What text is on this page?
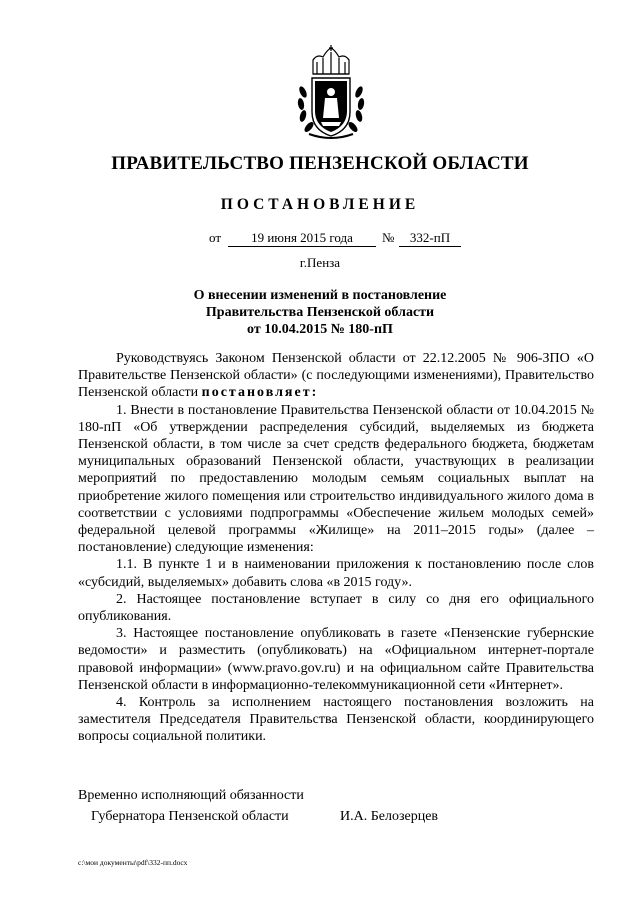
ПРАВИТЕЛЬСТВО ПЕНЗЕНСКОЙ ОБЛАСТИ
ПОСТАНОВЛЕНИЕ
от	19 июня 2015 года	№	332-пП
г.Пенза
О внесении изменений в постановление
Правительства Пензенской области
от 10.04.2015 № 180-пП

Руководствуясь Законом Пензенской области от 22.12.2005 № 906-ЗПО «О Правительстве Пензенской области» (с последующими изменениями), Правительство Пензенской области постановляет:

1. Внести в постановление Правительства Пензенской области от 10.04.2015 № 180-пП «Об утверждении распределения субсидий, выделяемых из бюджета Пензенской области, в том числе за счет средств федерального бюджета, бюджетам муниципальных образований Пензенской области, участвующих в реализации мероприятий по предоставлению молодым семьям социальных выплат на приобретение жилого помещения или строительство индивидуального жилого дома в соответствии с условиями подпрограммы «Обеспечение жильем молодых семей» федеральной целевой программы «Жилище» на 2011–2015 годы» (далее – постановление) следующие изменения:

1.1. В пункте 1 и в наименовании приложения к постановлению после слов «субсидий, выделяемых» добавить слова «в 2015 году».

2. Настоящее постановление вступает в силу со дня его официального опубликования.

3. Настоящее постановление опубликовать в газете «Пензенские губернские ведомости» и разместить (опубликовать) на «Официальном интернет-портале правовой информации» (www.pravo.gov.ru) и на официальном сайте Правительства Пензенской области в информационно-телекоммуникационной сети «Интернет».

4. Контроль за исполнением настоящего постановления возложить на заместителя Председателя Правительства Пензенской области, координирующего вопросы социальной политики.

Временно исполняющий обязанности
Губернатора Пензенской области	И.А. Белозерцев
c:\мои документы\pdf\332-пп.docx
